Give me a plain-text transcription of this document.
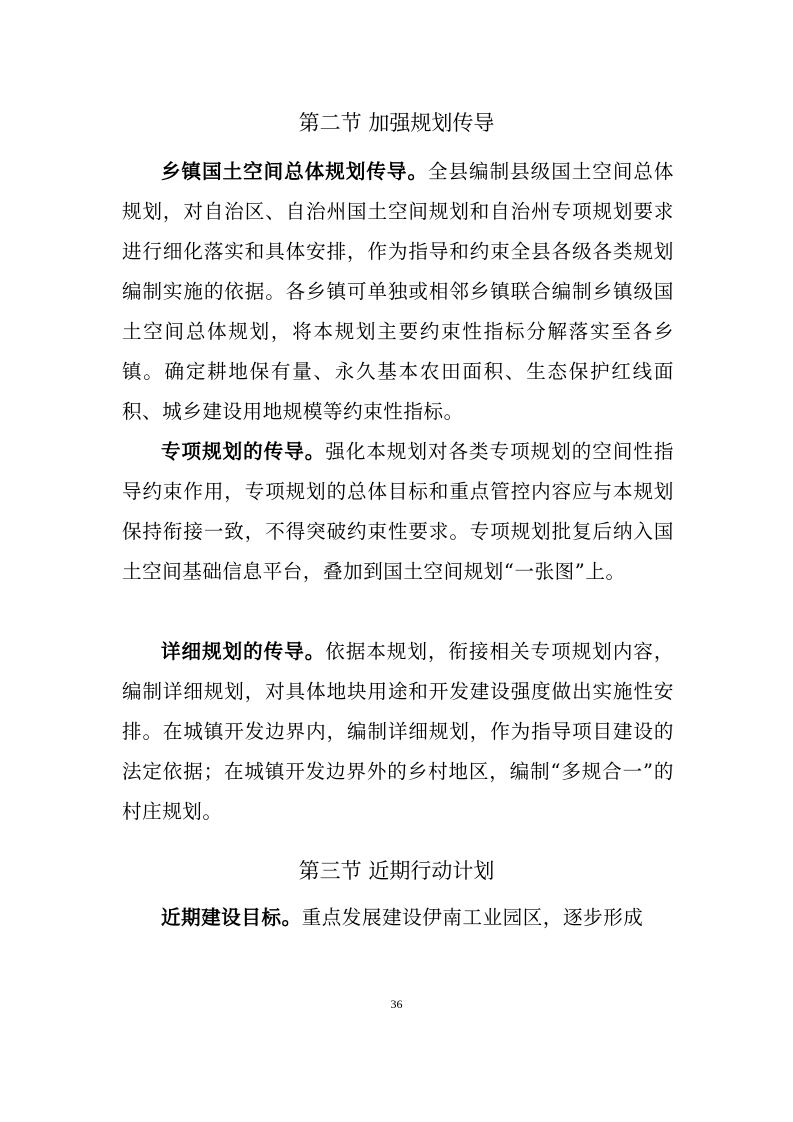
第二节 加强规划传导

乡镇国土空间总体规划传导。全县编制县级国土空间总体规划，对自治区、自治州国土空间规划和自治州专项规划要求进行细化落实和具体安排，作为指导和约束全县各级各类规划编制实施的依据。各乡镇可单独或相邻乡镇联合编制乡镇级国土空间总体规划，将本规划主要约束性指标分解落实至各乡镇。确定耕地保有量、永久基本农田面积、生态保护红线面积、城乡建设用地规模等约束性指标。

专项规划的传导。强化本规划对各类专项规划的空间性指导约束作用，专项规划的总体目标和重点管控内容应与本规划保持衔接一致，不得突破约束性要求。专项规划批复后纳入国土空间基础信息平台，叠加到国土空间规划“一张图”上。

详细规划的传导。依据本规划，衔接相关专项规划内容，编制详细规划，对具体地块用途和开发建设强度做出实施性安排。在城镇开发边界内，编制详细规划，作为指导项目建设的法定依据；在城镇开发边界外的乡村地区，编制“多规合一”的村庄规划。

第三节 近期行动计划

近期建设目标。重点发展建设伊南工业园区，逐步形成

36
